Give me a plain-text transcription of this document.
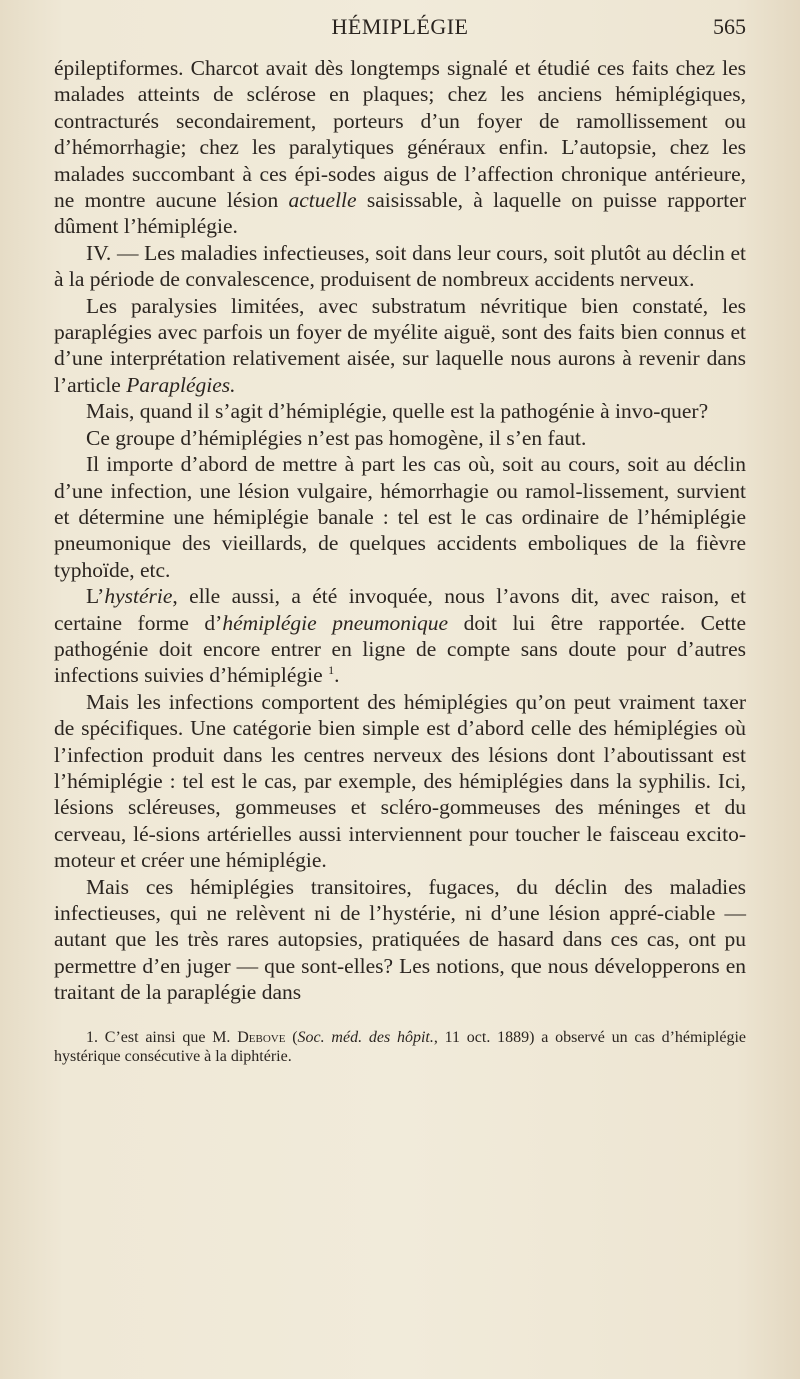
HÉMIPLÉGIE	565

épileptiformes. Charcot avait dès longtemps signalé et étudié ces faits chez les malades atteints de sclérose en plaques; chez les anciens hémiplégiques, contracturés secondairement, porteurs d’un foyer de ramollissement ou d’hémorrhagie; chez les paralytiques généraux enfin. L’autopsie, chez les malades succombant à ces épi-sodes aigus de l’affection chronique antérieure, ne montre aucune lésion actuelle saisissable, à laquelle on puisse rapporter dûment l’hémiplégie.

IV. — Les maladies infectieuses, soit dans leur cours, soit plutôt au déclin et à la période de convalescence, produisent de nombreux accidents nerveux.

Les paralysies limitées, avec substratum névritique bien constaté, les paraplégies avec parfois un foyer de myélite aiguë, sont des faits bien connus et d’une interprétation relativement aisée, sur laquelle nous aurons à revenir dans l’article Paraplégies.

Mais, quand il s’agit d’hémiplégie, quelle est la pathogénie à invo-quer?

Ce groupe d’hémiplégies n’est pas homogène, il s’en faut.

Il importe d’abord de mettre à part les cas où, soit au cours, soit au déclin d’une infection, une lésion vulgaire, hémorrhagie ou ramol-lissement, survient et détermine une hémiplégie banale : tel est le cas ordinaire de l’hémiplégie pneumonique des vieillards, de quelques accidents emboliques de la fièvre typhoïde, etc.

L’hystérie, elle aussi, a été invoquée, nous l’avons dit, avec raison, et certaine forme d’hémiplégie pneumonique doit lui être rapportée. Cette pathogénie doit encore entrer en ligne de compte sans doute pour d’autres infections suivies d’hémiplégie $^1$.

Mais les infections comportent des hémiplégies qu’on peut vraiment taxer de spécifiques. Une catégorie bien simple est d’abord celle des hémiplégies où l’infection produit dans les centres nerveux des lésions dont l’aboutissant est l’hémiplégie : tel est le cas, par exemple, des hémiplégies dans la syphilis. Ici, lésions scléreuses, gommeuses et scléro-gommeuses des méninges et du cerveau, lé-sions artérielles aussi interviennent pour toucher le faisceau excito-moteur et créer une hémiplégie.

Mais ces hémiplégies transitoires, fugaces, du déclin des maladies infectieuses, qui ne relèvent ni de l’hystérie, ni d’une lésion appré-ciable — autant que les très rares autopsies, pratiquées de hasard dans ces cas, ont pu permettre d’en juger — que sont-elles? Les notions, que nous développerons en traitant de la paraplégie dans

1. C’est ainsi que M. Debove (Soc. méd. des hôpit., 11 oct. 1889) a observé un cas d’hémiplégie hystérique consécutive à la diphtérie.
